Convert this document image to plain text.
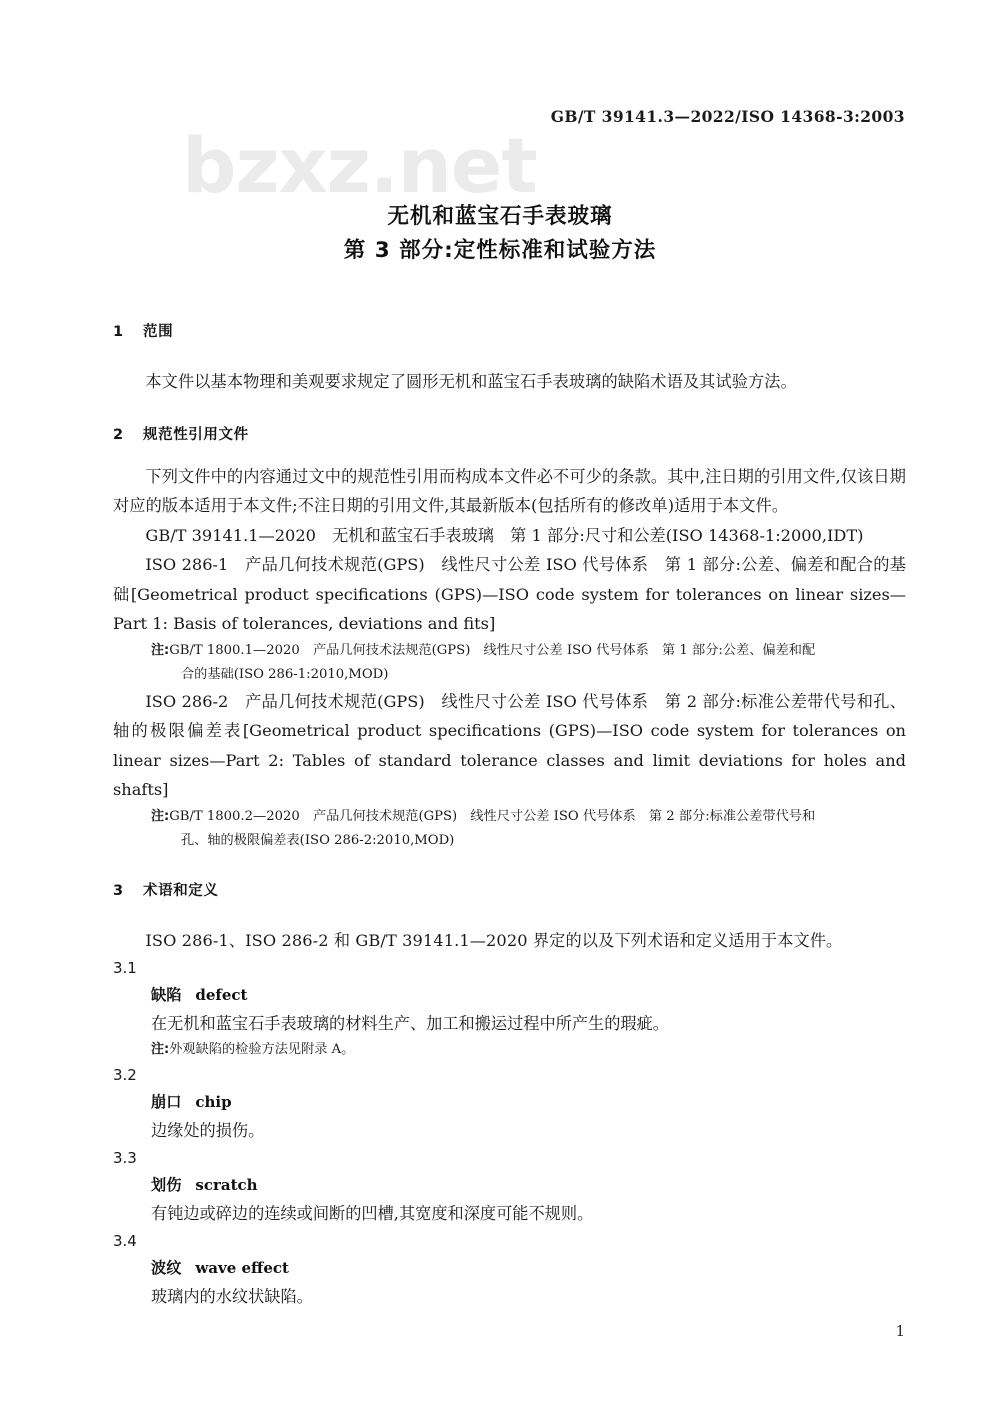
GB/T 39141.3—2022/ISO 14368-3:2003
bzxz.net
无机和蓝宝石手表玻璃
第 3 部分:定性标准和试验方法

1 范围

本文件以基本物理和美观要求规定了圆形无机和蓝宝石手表玻璃的缺陷术语及其试验方法。

2 规范性引用文件

下列文件中的内容通过文中的规范性引用而构成本文件必不可少的条款。其中,注日期的引用文件,仅该日期对应的版本适用于本文件;不注日期的引用文件,其最新版本(包括所有的修改单)适用于本文件。

GB/T 39141.1—2020　无机和蓝宝石手表玻璃　第 1 部分:尺寸和公差(ISO 14368-1:2000,IDT)

ISO 286-1　产品几何技术规范(GPS)　线性尺寸公差 ISO 代号体系　第 1 部分:公差、偏差和配合的基础[Geometrical product specifications (GPS)—ISO code system for tolerances on linear sizes—Part 1: Basis of tolerances, deviations and fits]

注:GB/T 1800.1—2020　产品几何技术法规范(GPS)　线性尺寸公差 ISO 代号体系　第 1 部分:公差、偏差和配

合的基础(ISO 286-1:2010,MOD)

ISO 286-2　产品几何技术规范(GPS)　线性尺寸公差 ISO 代号体系　第 2 部分:标准公差带代号和孔、轴的极限偏差表[Geometrical product specifications (GPS)—ISO code system for tolerances on linear sizes—Part 2: Tables of standard tolerance classes and limit deviations for holes and shafts]

注:GB/T 1800.2—2020　产品几何技术规范(GPS)　线性尺寸公差 ISO 代号体系　第 2 部分:标准公差带代号和

孔、轴的极限偏差表(ISO 286-2:2010,MOD)

3 术语和定义

ISO 286-1、ISO 286-2 和 GB/T 39141.1—2020 界定的以及下列术语和定义适用于本文件。

3.1

缺陷 defect

在无机和蓝宝石手表玻璃的材料生产、加工和搬运过程中所产生的瑕疵。

注:外观缺陷的检验方法见附录 A。

3.2

崩口 chip

边缘处的损伤。

3.3

划伤 scratch

有钝边或碎边的连续或间断的凹槽,其宽度和深度可能不规则。

3.4

波纹 wave effect

玻璃内的水纹状缺陷。

1
